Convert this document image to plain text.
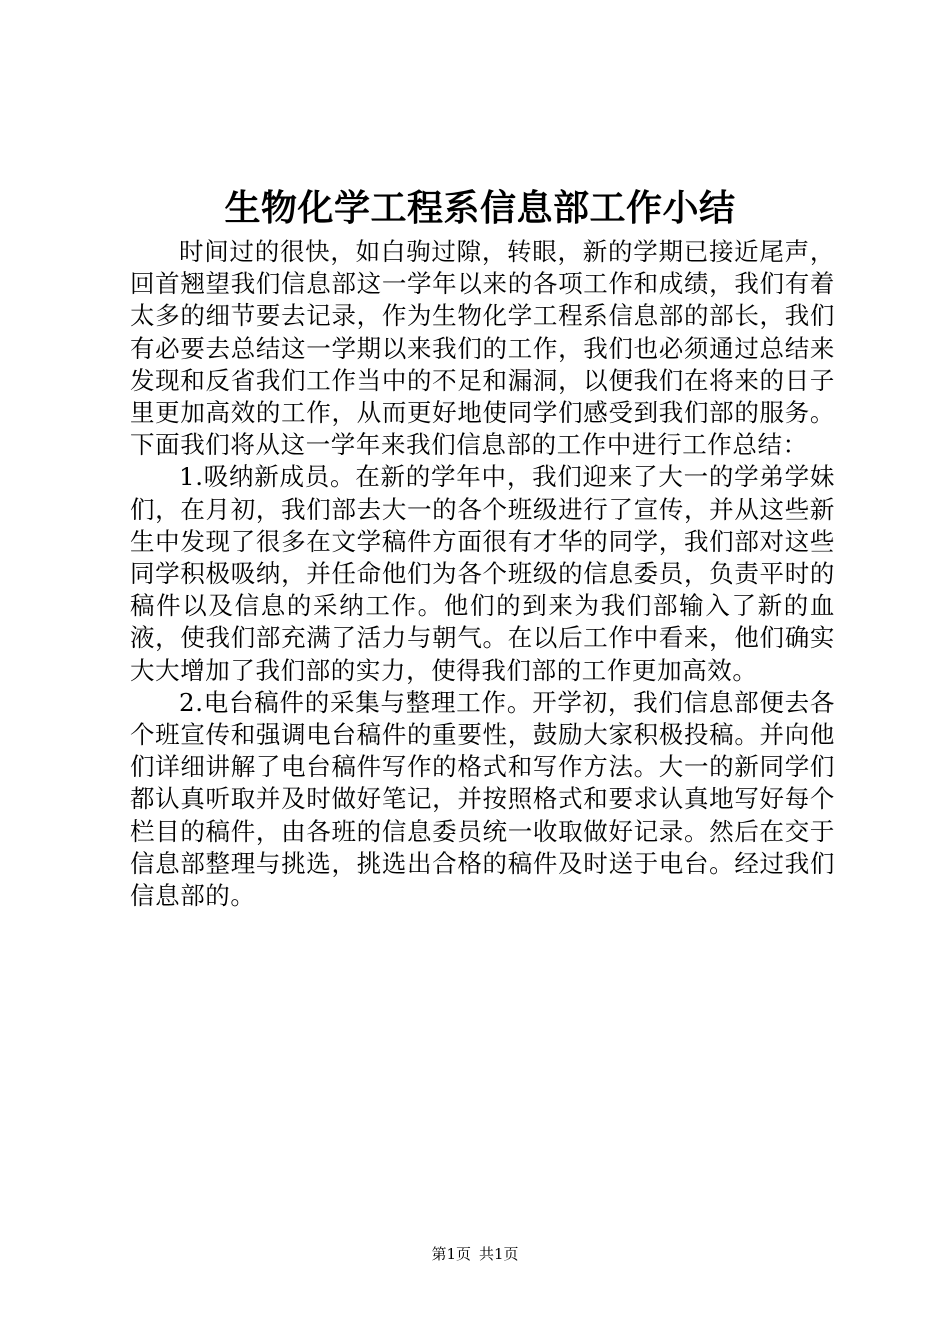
生物化学工程系信息部工作小结

时间过的很快，如白驹过隙，转眼，新的学期已接近尾声，回首翘望我们信息部这一学年以来的各项工作和成绩，我们有着太多的细节要去记录，作为生物化学工程系信息部的部长，我们有必要去总结这一学期以来我们的工作，我们也必须通过总结来发现和反省我们工作当中的不足和漏洞，以便我们在将来的日子里更加高效的工作，从而更好地使同学们感受到我们部的服务。下面我们将从这一学年来我们信息部的工作中进行工作总结：

1.吸纳新成员。在新的学年中，我们迎来了大一的学弟学妹们，在月初，我们部去大一的各个班级进行了宣传，并从这些新生中发现了很多在文学稿件方面很有才华的同学，我们部对这些同学积极吸纳，并任命他们为各个班级的信息委员，负责平时的稿件以及信息的采纳工作。他们的到来为我们部输入了新的血液，使我们部充满了活力与朝气。在以后工作中看来，他们确实大大增加了我们部的实力，使得我们部的工作更加高效。

2.电台稿件的采集与整理工作。开学初，我们信息部便去各个班宣传和强调电台稿件的重要性，鼓励大家积极投稿。并向他们详细讲解了电台稿件写作的格式和写作方法。大一的新同学们都认真听取并及时做好笔记，并按照格式和要求认真地写好每个栏目的稿件，由各班的信息委员统一收取做好记录。然后在交于信息部整理与挑选，挑选出合格的稿件及时送于电台。经过我们信息部的。

第1页 共1页
